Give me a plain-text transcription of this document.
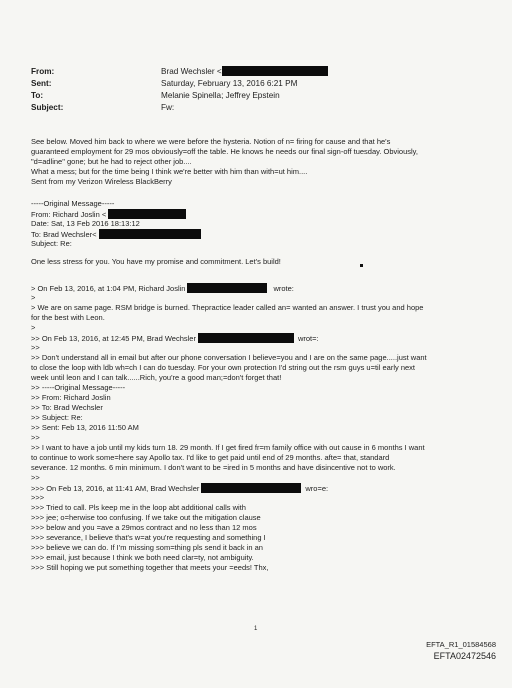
From:	Brad Wechsler <
Sent:	Saturday, February 13, 2016 6:21 PM
To:	Melanie Spinella; Jeffrey Epstein
Subject:	Fw:
See below. Moved him back to where we were before the hysteria. Notion of n= firing for cause and that he's
guaranteed employment for 29 mos obviously=off the table. He knows he needs our final sign-off tuesday. Obviously,
"d=adline" gone; but he had to reject other job....
What a mess; but for the time being I think we're better with him than with=ut him....
Sent from my Verizon Wireless BlackBerry
-----Original Message-----
From: Richard Joslin <
Date: Sat, 13 Feb 2016 18:13:12
To: Brad Wechsler<
Subject: Re:
One less stress for you. You have my promise and commitment. Let's build!
> On Feb 13, 2016, at 1:04 PM, Richard Joslin	wrote:
>
> We are on same page. RSM bridge is burned. Thepractice leader called an= wanted an answer. I trust you and hope
for the best with Leon.
>
>> On Feb 13, 2016, at 12:45 PM, Brad Wechsler	wrot=:
>>
>> Don't understand all in email but after our phone conversation I believe=you and I are on the same page.....just want
to close the loop with ldb wh=ch I can do tuesday. For your own protection I'd string out the rsm guys u=til early next
week until leon and I can talk......Rich, you're a good man;=don't forget that!
>> -----Original Message-----
>> From: Richard Joslin
>> To: Brad Wechsler
>> Subject: Re:
>> Sent: Feb 13, 2016 11:50 AM
>>
>> I want to have a job until my kids turn 18. 29 month. If I get fired fr=m family office with out cause in 6 months I want
to continue to work some=here say Apollo tax. I'd like to get paid until end of 29 months. afte= that, standard
severance. 12 months. 6 min minimum. I don't want to be =ired in 5 months and have disincentive not to work.
>>
>>> On Feb 13, 2016, at 11:41 AM, Brad Wechsler	wro=e:
>>>
>>> Tried to call. Pls keep me in the loop abt additional calls with
>>> jee; o=herwise too confusing. If we take out the mitigation clause
>>> below and you =ave a 29mos contract and no less than 12 mos
>>> severance, I believe that's w=at you're requesting and something I
>>> believe we can do. If I'm missing som=thing pls send it back in an
>>> email, just because I think we both need clar=ty, not ambiguity.
>>> Still hoping we put something together that meets your =eeds! Thx,
1
EFTA_R1_01584568
EFTA02472546
